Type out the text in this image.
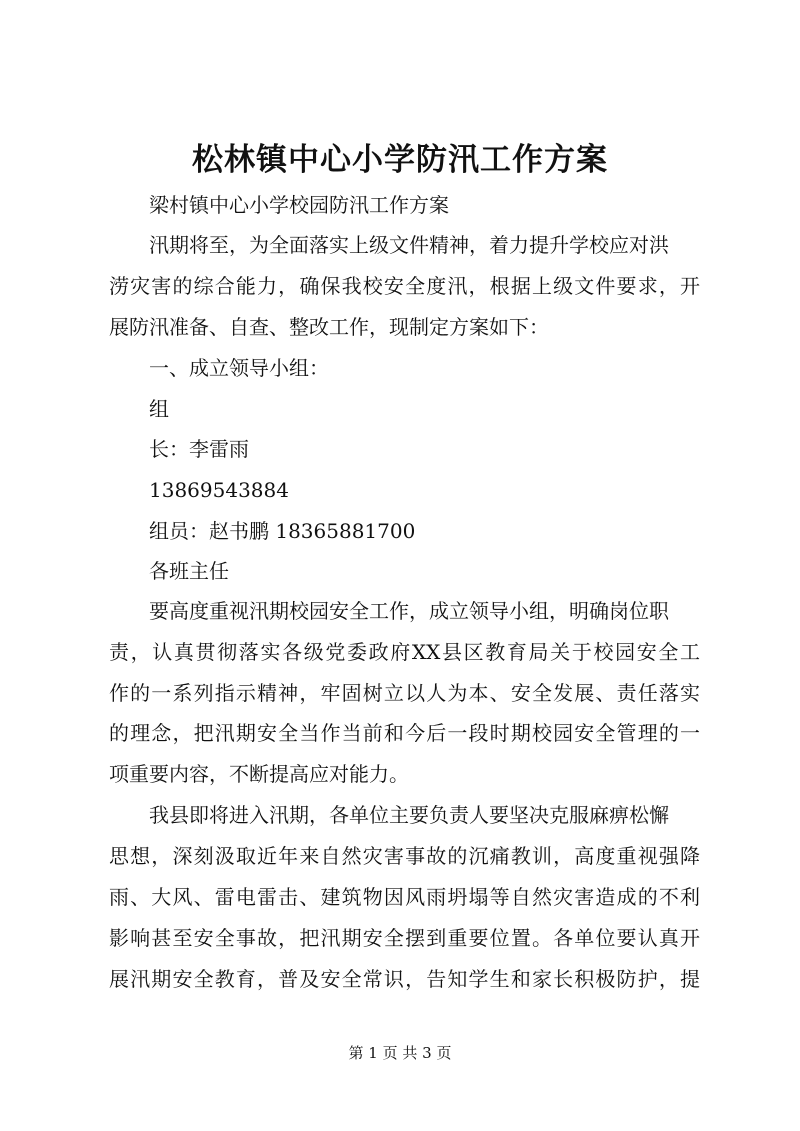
松林镇中心小学防汛工作方案

梁村镇中心小学校园防汛工作方案

汛期将至，为全面落实上级文件精神，着力提升学校应对洪

涝灾害的综合能力，确保我校安全度汛，根据上级文件要求，开

展防汛准备、自查、整改工作，现制定方案如下：

一、成立领导小组：

组

长：李雷雨

13869543884

组员：赵书鹏 18365881700

各班主任

要高度重视汛期校园安全工作，成立领导小组，明确岗位职

责，认真贯彻落实各级党委政府XX县区教育局关于校园安全工

作的一系列指示精神，牢固树立以人为本、安全发展、责任落实

的理念，把汛期安全当作当前和今后一段时期校园安全管理的一

项重要内容，不断提高应对能力。

我县即将进入汛期，各单位主要负责人要坚决克服麻痹松懈

思想，深刻汲取近年来自然灾害事故的沉痛教训，高度重视强降

雨、大风、雷电雷击、建筑物因风雨坍塌等自然灾害造成的不利

影响甚至安全事故，把汛期安全摆到重要位置。各单位要认真开

展汛期安全教育，普及安全常识，告知学生和家长积极防护，提

第 1 页 共 3 页
